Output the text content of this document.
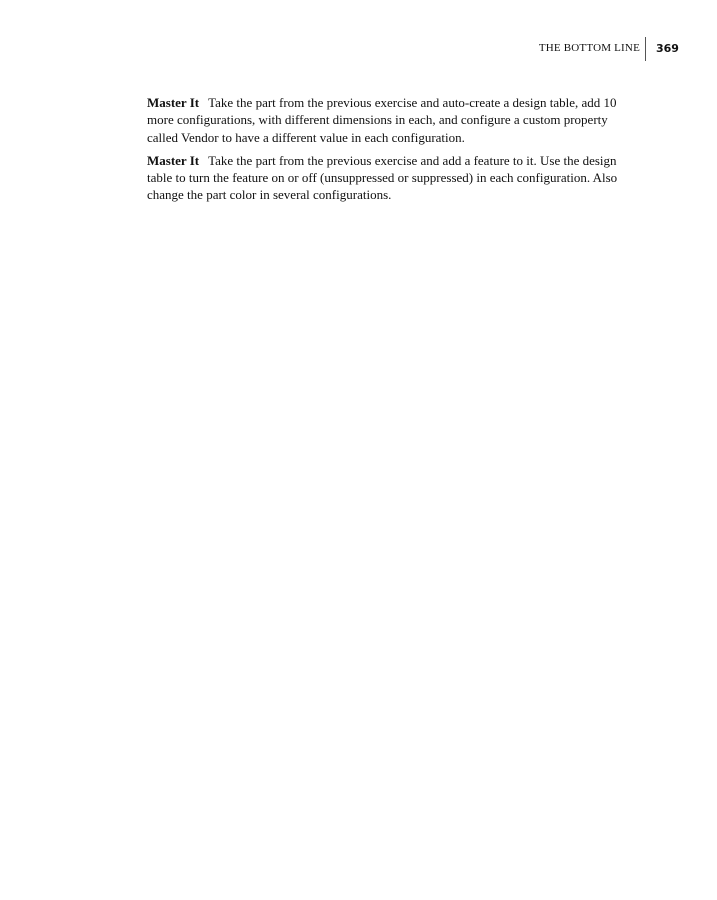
THE BOTTOM LINE 369

Master It Take the part from the previous exercise and auto-create a design table, add 10 more configurations, with different dimensions in each, and configure a custom property called Vendor to have a different value in each configuration.

Master It Take the part from the previous exercise and add a feature to it. Use the design table to turn the feature on or off (unsuppressed or suppressed) in each configuration. Also change the part color in several configurations.
